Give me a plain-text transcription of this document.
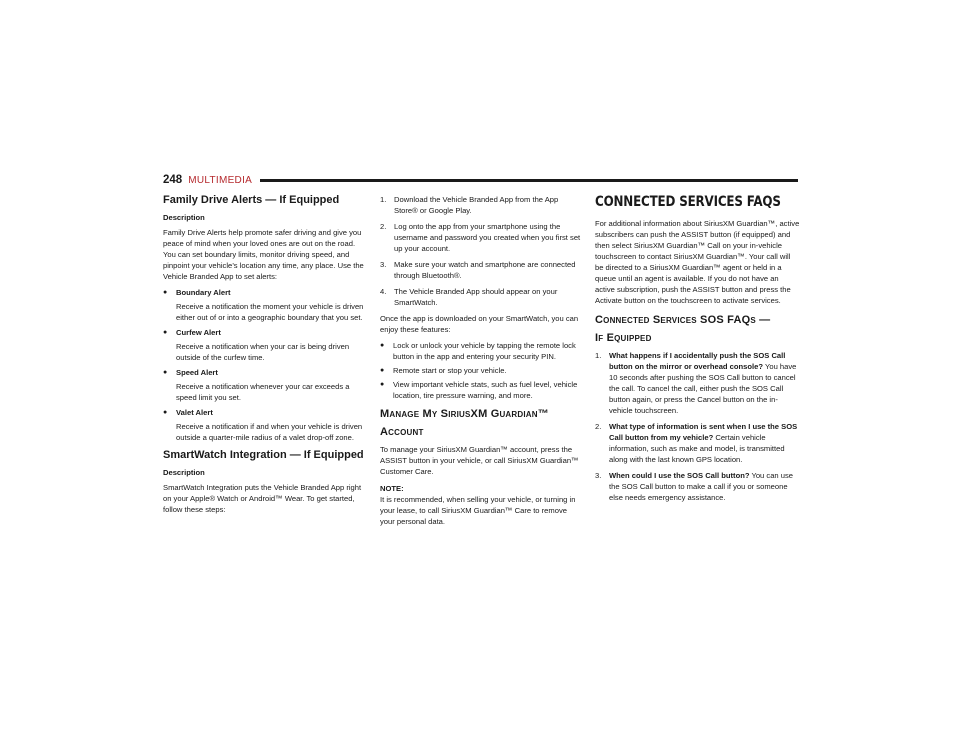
248 MULTIMEDIA
Family Drive Alerts — If Equipped
Description

Family Drive Alerts help promote safer driving and give you peace of mind when your loved ones are out on the road. You can set boundary limits, monitor driving speed, and pinpoint your vehicle’s location any time, any place. Use the Vehicle Branded App to set alerts:

●	Boundary Alert

Receive a notification the moment your vehicle is driven either out of or into a geographic boundary that you set.

●	Curfew Alert

Receive a notification when your car is being driven outside of the curfew time.

●	Speed Alert

Receive a notification whenever your car exceeds a speed limit you set.

●	Valet Alert

Receive a notification if and when your vehicle is driven outside a quarter-mile radius of a valet drop-off zone.

SmartWatch Integration — If Equipped
Description

SmartWatch Integration puts the Vehicle Branded App right on your Apple® Watch or Android™ Wear. To get started, follow these steps:

1.	Download the Vehicle Branded App from the App Store® or Google Play.
2.	Log onto the app from your smartphone using the username and password you created when you first set up your account.
3.	Make sure your watch and smartphone are connected through Bluetooth®.
4.	The Vehicle Branded App should appear on your SmartWatch.

Once the app is downloaded on your SmartWatch, you can enjoy these features:

●	Lock or unlock your vehicle by tapping the remote lock button in the app and entering your security PIN.
●	Remote start or stop your vehicle.
●	View important vehicle stats, such as fuel level, vehicle location, tire pressure warning, and more.
Manage My SiriusXM Guardian™
Account

To manage your SiriusXM Guardian™ account, press the ASSIST button in your vehicle, or call SiriusXM Guardian™ Customer Care.

NOTE:

It is recommended, when selling your vehicle, or turning in your lease, to call SiriusXM Guardian™ Care to remove your personal data.

CONNECTED SERVICES FAQS

For additional information about SiriusXM Guardian™, active subscribers can push the ASSIST button (if equipped) and then select SiriusXM Guardian™ Call on your in-vehicle touchscreen to contact SiriusXM Guardian™. Your call will be directed to a SiriusXM Guardian™ agent or held in a queue until an agent is available. If you do not have an active subscription, push the ASSIST button and press the Activate button on the touchscreen to activate services.

Connected Services SOS FAQs —
If Equipped
1.	What happens if I accidentally push the SOS Call button on the mirror or overhead console? You have 10 seconds after pushing the SOS Call button to cancel the call. To cancel the call, either push the SOS Call button again, or press the Cancel button on the in-vehicle touchscreen.
2.	What type of information is sent when I use the SOS Call button from my vehicle? Certain vehicle information, such as make and model, is transmitted along with the last known GPS location.
3.	When could I use the SOS Call button? You can use the SOS Call button to make a call if you or someone else needs emergency assistance.
